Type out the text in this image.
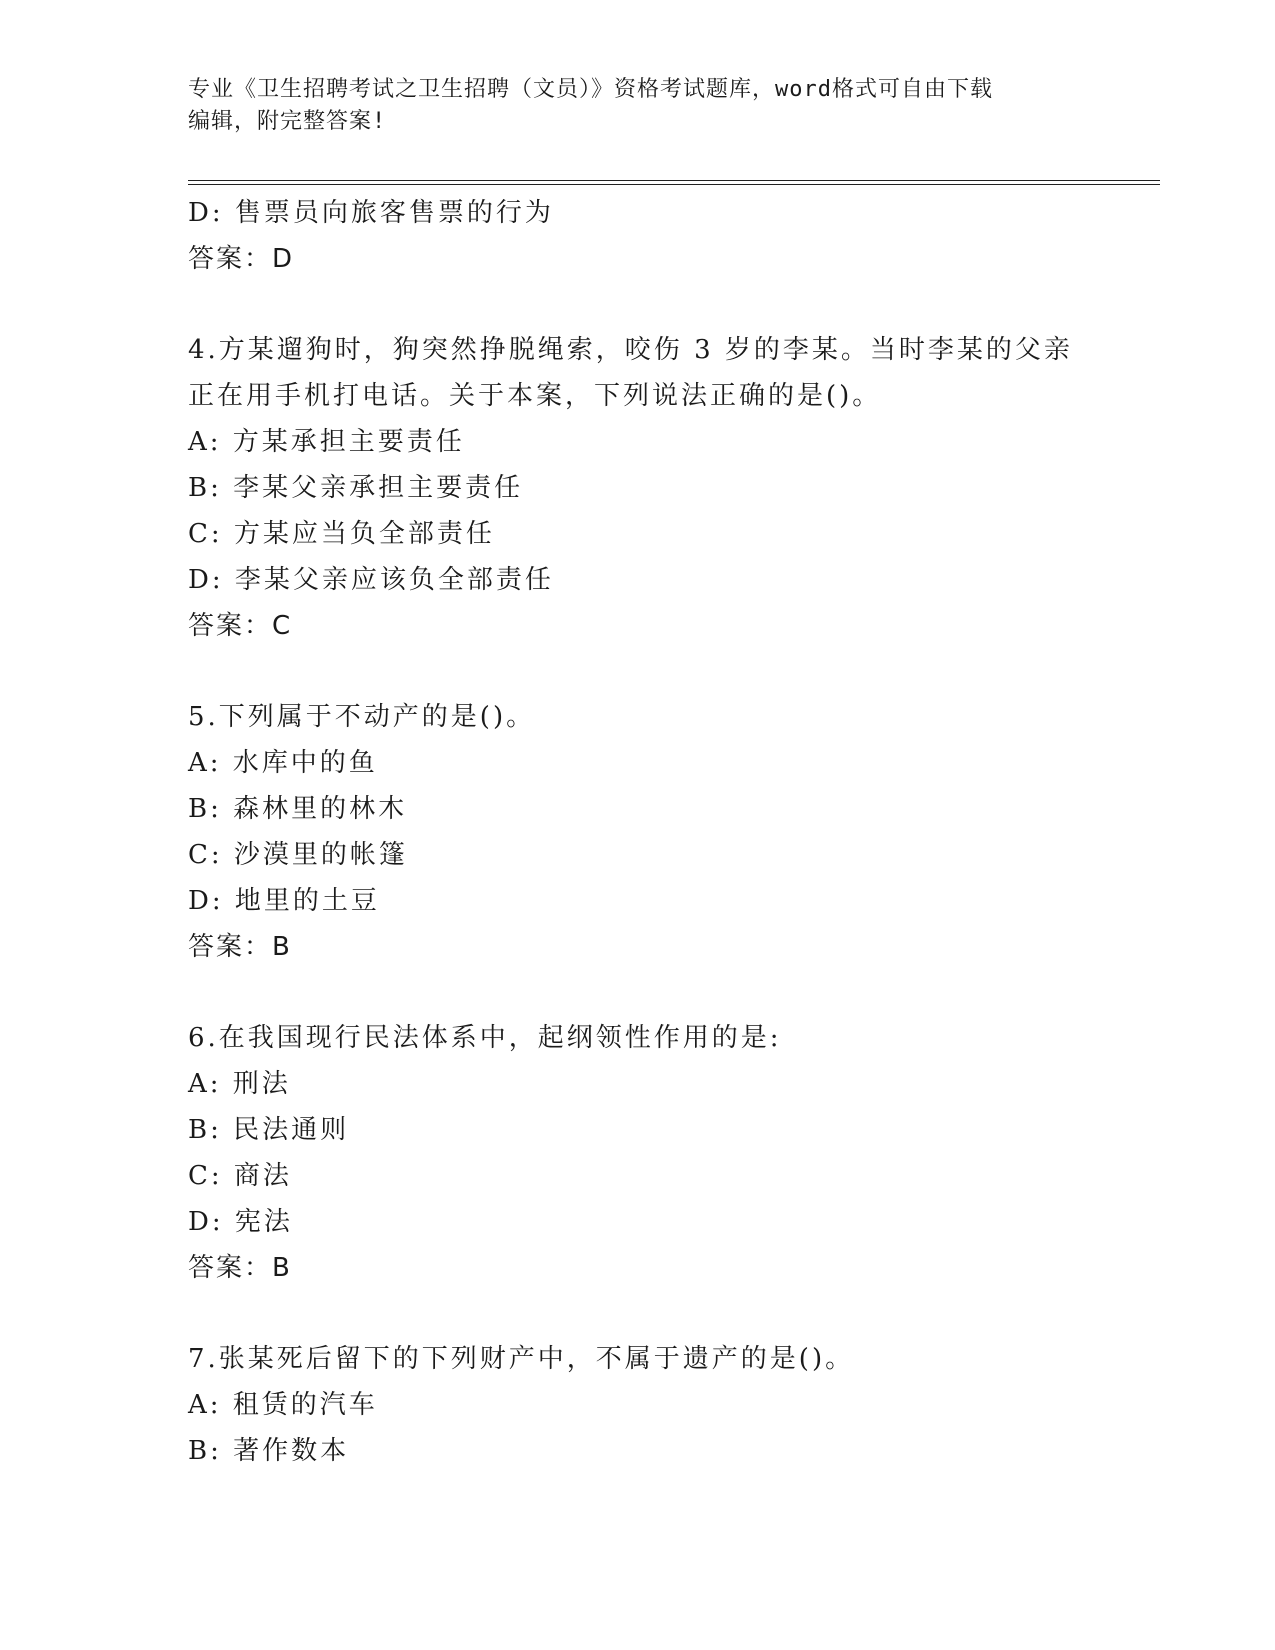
专业《卫生招聘考试之卫生招聘（文员）》资格考试题库，word格式可自由下载
编辑，附完整答案!
D: 售票员向旅客售票的行为
答案：D
4.方某遛狗时，狗突然挣脱绳索，咬伤 3 岁的李某。当时李某的父亲
正在用手机打电话。关于本案，下列说法正确的是()。
A: 方某承担主要责任
B: 李某父亲承担主要责任
C: 方某应当负全部责任
D: 李某父亲应该负全部责任
答案：C
5.下列属于不动产的是()。
A: 水库中的鱼
B: 森林里的林木
C: 沙漠里的帐篷
D: 地里的土豆
答案：B
6.在我国现行民法体系中，起纲领性作用的是:
A: 刑法
B: 民法通则
C: 商法
D: 宪法
答案：B
7.张某死后留下的下列财产中，不属于遗产的是()。
A: 租赁的汽车
B: 著作数本
